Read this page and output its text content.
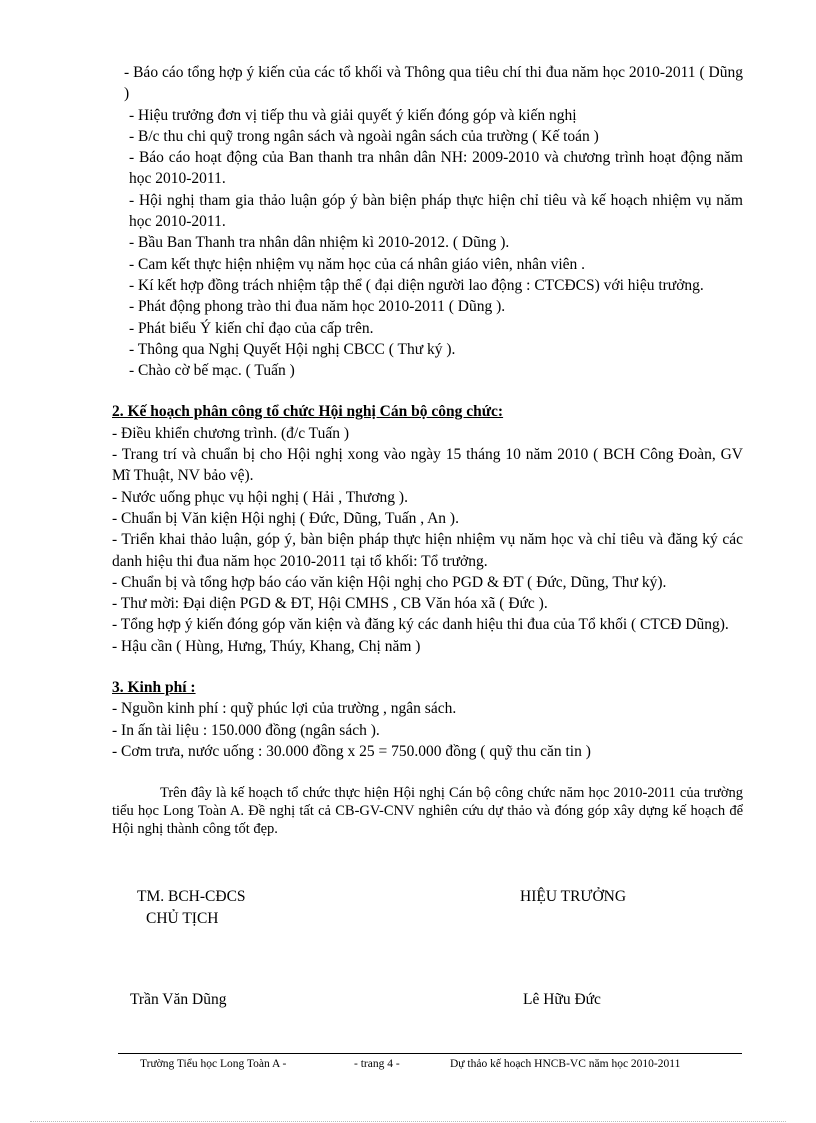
- Báo cáo tổng hợp ý kiến của các tổ khối và Thông qua tiêu chí thi đua năm học 2010-2011 ( Dũng )

- Hiệu trưởng đơn vị tiếp thu và giải quyết ý kiến đóng góp và kiến nghị

- B/c thu chi quỹ trong ngân sách và ngoài ngân sách của trường ( Kế toán )

- Báo cáo hoạt động của Ban thanh tra nhân dân NH: 2009-2010 và chương trình hoạt động năm học 2010-2011.

- Hội nghị tham gia thảo luận góp ý bàn biện pháp thực hiện chỉ tiêu và kế hoạch nhiệm vụ năm học 2010-2011.

- Bầu Ban Thanh tra nhân dân nhiệm kì 2010-2012. ( Dũng ).

- Cam kết thực hiện nhiệm vụ năm học của cá nhân giáo viên, nhân viên .

- Kí kết hợp đồng trách nhiệm tập thể ( đại diện người lao động : CTCĐCS) với hiệu trưởng.

- Phát động phong trào thi đua năm học 2010-2011 ( Dũng ).

- Phát biểu Ý kiến chỉ đạo của cấp trên.

- Thông qua Nghị Quyết Hội nghị CBCC ( Thư ký ).

- Chào cờ bế mạc. ( Tuấn )

2. Kế hoạch phân công tổ chức Hội nghị Cán bộ công chức:

- Điều khiển chương trình. (đ/c Tuấn )

- Trang trí và chuẩn bị cho Hội nghị xong vào ngày 15 tháng 10 năm 2010 ( BCH Công Đoàn, GV Mĩ Thuật, NV bảo vệ).

- Nước uống phục vụ hội nghị ( Hải , Thương ).

- Chuẩn bị Văn kiện Hội nghị ( Đức, Dũng, Tuấn , An ).

- Triển khai thảo luận, góp ý, bàn biện pháp thực hiện nhiệm vụ năm học và chỉ tiêu và đăng ký các danh hiệu thi đua năm học 2010-2011 tại tổ khối: Tổ trưởng.

- Chuẩn bị và tổng hợp báo cáo văn kiện Hội nghị cho PGD & ĐT ( Đức, Dũng, Thư ký).

- Thư mời: Đại diện PGD & ĐT, Hội CMHS , CB Văn hóa xã ( Đức ).

- Tổng hợp ý kiến đóng góp văn kiện và đăng ký các danh hiệu thi đua của Tổ khối ( CTCĐ Dũng).

- Hậu cần ( Hùng, Hưng, Thúy, Khang, Chị năm )

3. Kinh phí :

- Nguồn kinh phí : quỹ phúc lợi của trường , ngân sách.

- In ấn tài liệu : 150.000 đồng (ngân sách ).

- Cơm trưa, nước uống : 30.000 đồng x 25 = 750.000 đồng ( quỹ thu căn tin )

Trên đây là kế hoạch tổ chức thực hiện Hội nghị Cán bộ công chức năm học 2010-2011 của trường tiểu học Long Toàn A. Đề nghị tất cả CB-GV-CNV nghiên cứu dự thảo và đóng góp xây dựng kế hoạch để Hội nghị thành công tốt đẹp.

TM. BCH-CĐCS
CHỦ TỊCH
Trần Văn Dũng
HIỆU TRƯỞNG
Lê Hữu Đức
Trường Tiểu học Long Toàn A -	- trang 4 -	Dự thảo kế hoạch HNCB-VC năm học 2010-2011
